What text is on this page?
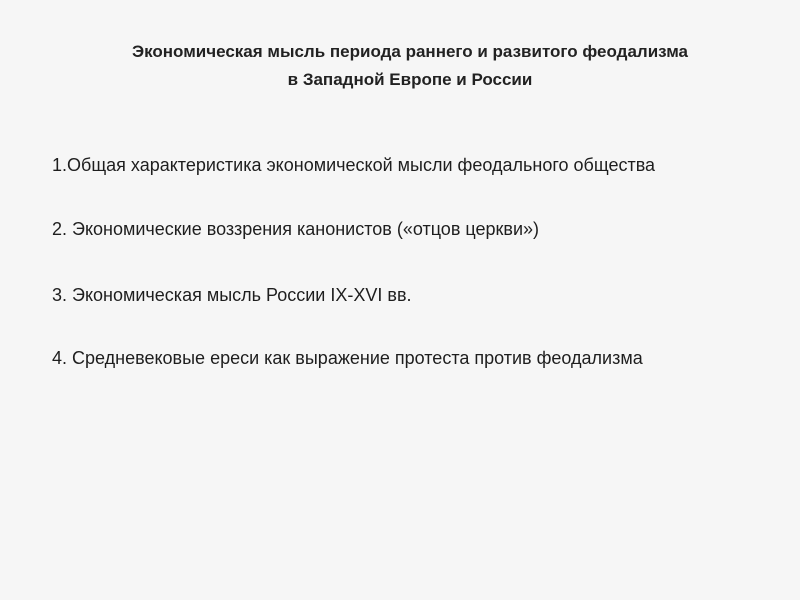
Экономическая мысль периода раннего и развитого феодализма
в Западной Европе и России
1.Общая характеристика экономической мысли феодального общества
2. Экономические воззрения канонистов («отцов церкви»)
3. Экономическая мысль России IX-XVI вв.
4. Средневековые ереси как выражение протеста против феодализма
